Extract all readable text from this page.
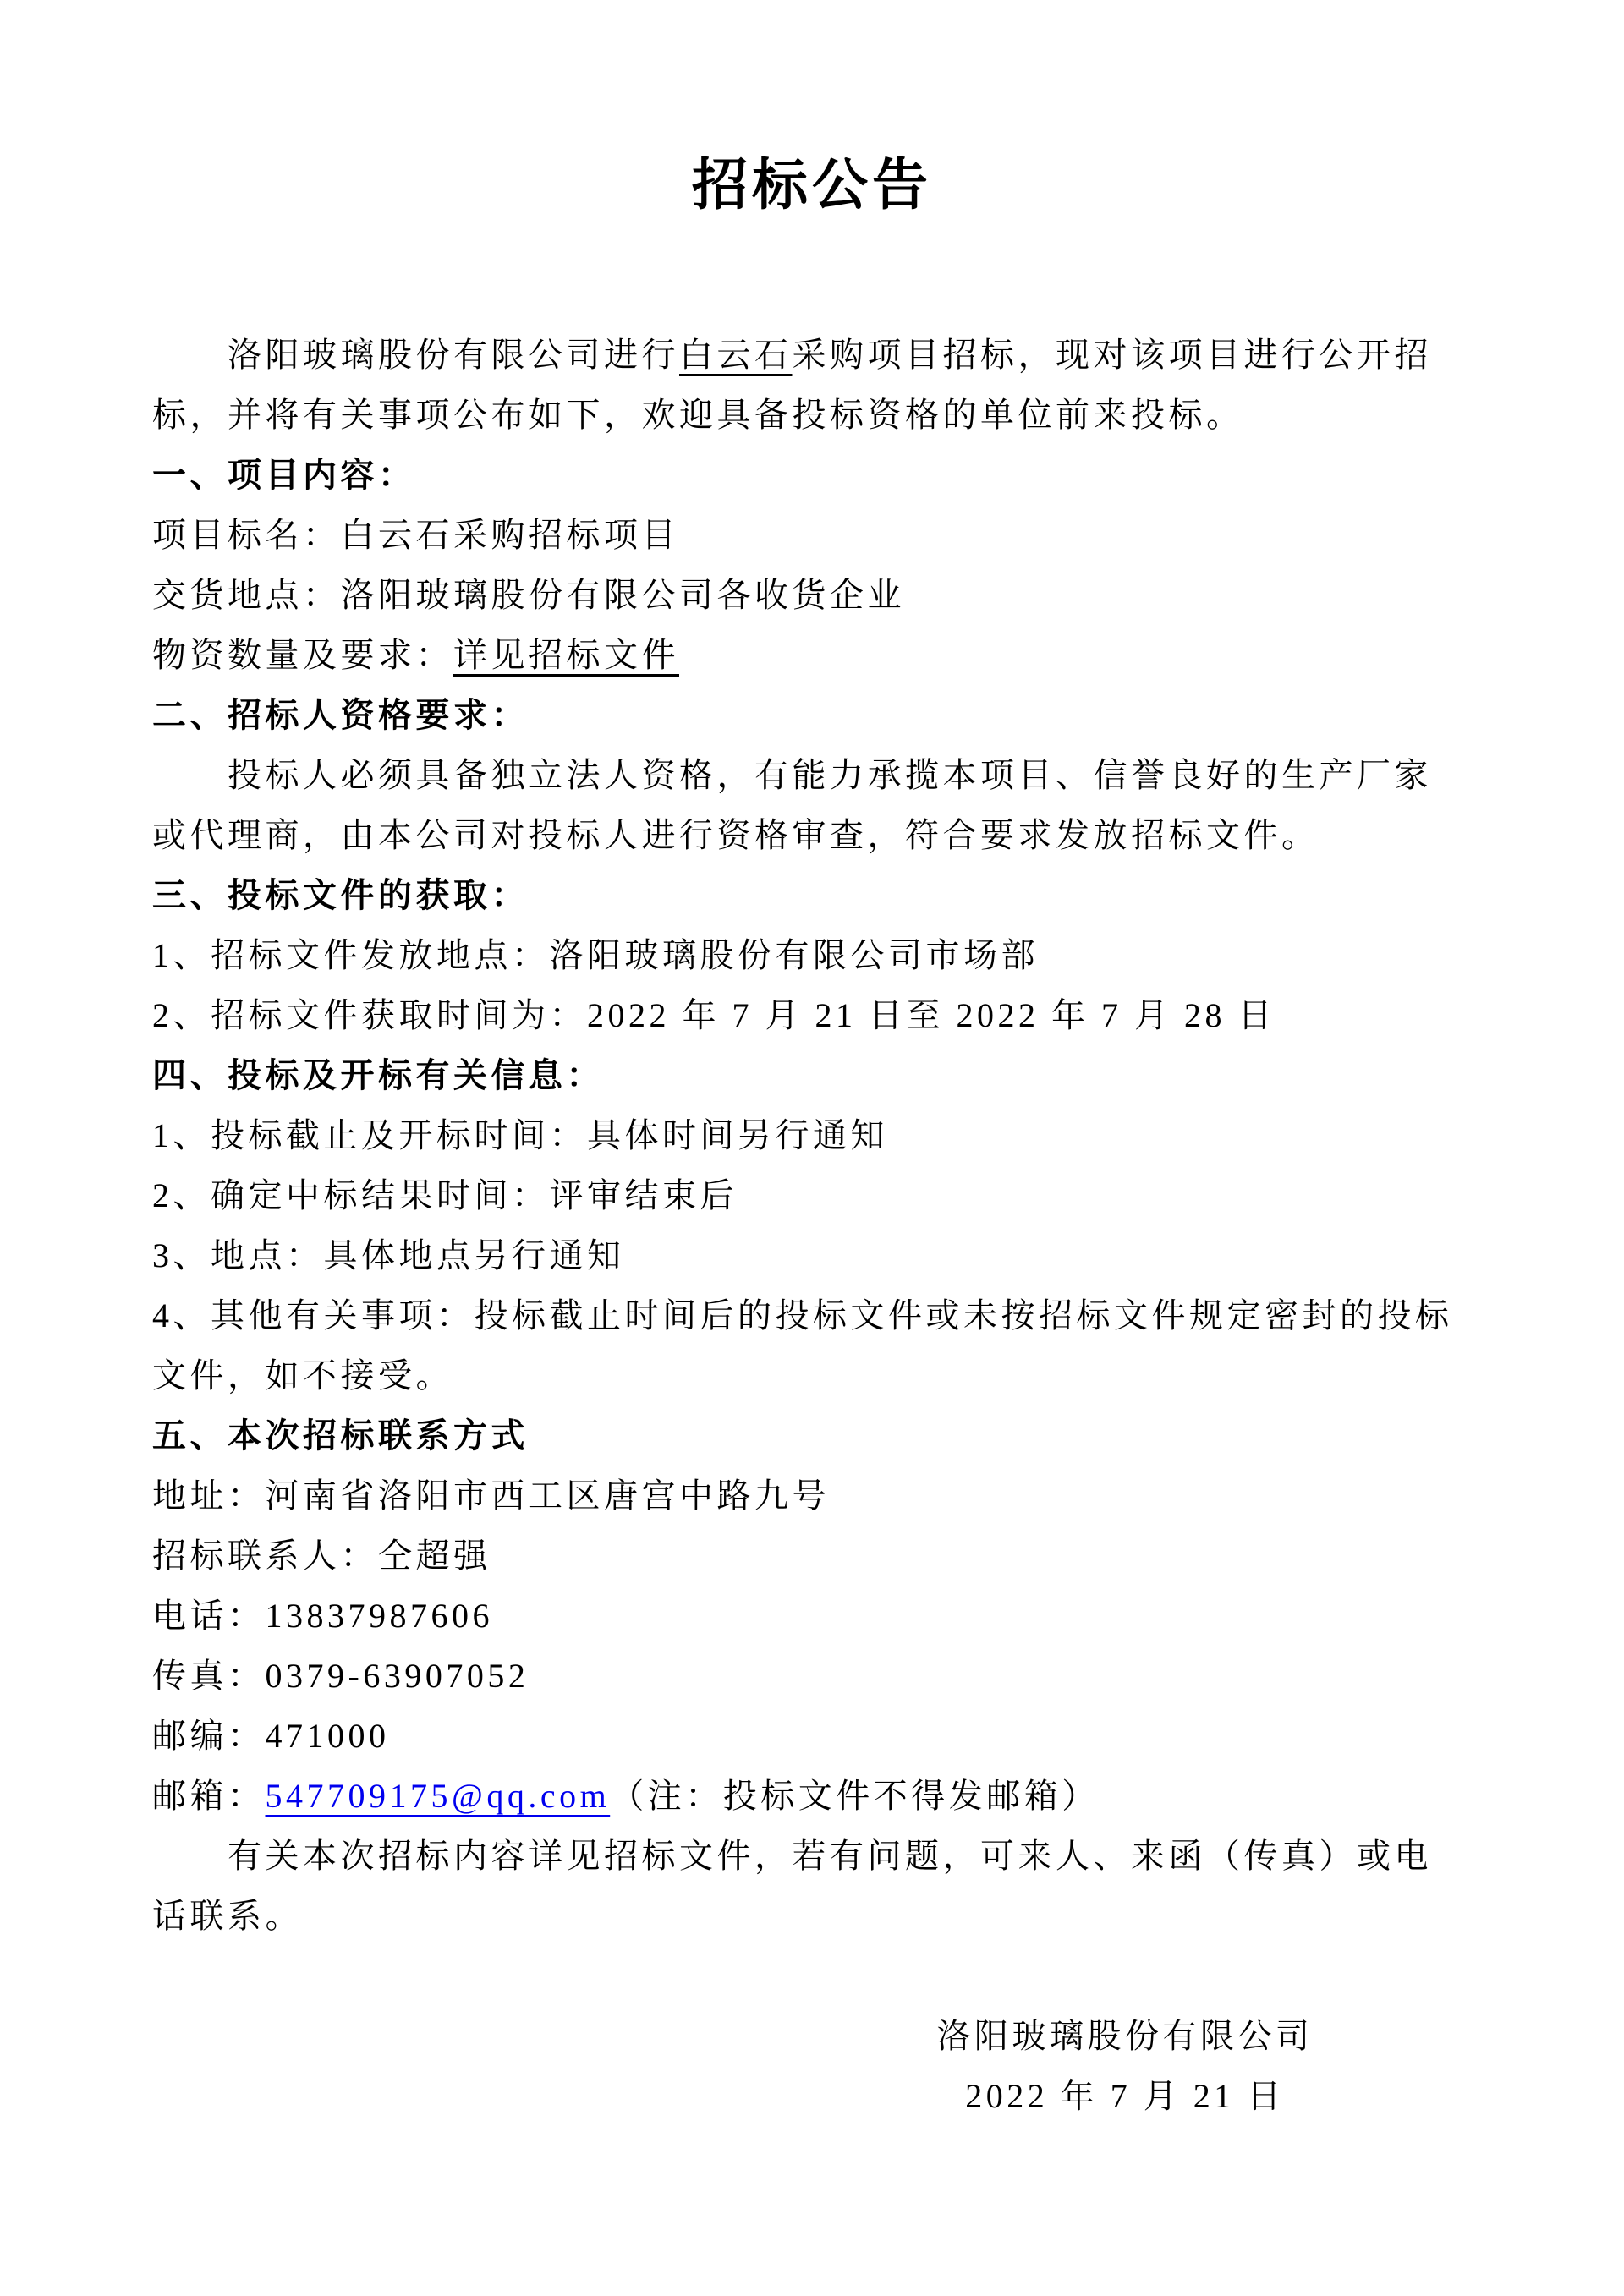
招标公告
洛阳玻璃股份有限公司进行白云石采购项目招标，现对该项目进行公开招
标，并将有关事项公布如下，欢迎具备投标资格的单位前来投标。
一、项目内容：
项目标名：白云石采购招标项目
交货地点：洛阳玻璃股份有限公司各收货企业
物资数量及要求：详见招标文件
二、招标人资格要求：
投标人必须具备独立法人资格，有能力承揽本项目、信誉良好的生产厂家
或代理商，由本公司对投标人进行资格审查，符合要求发放招标文件。
三、投标文件的获取：
1、招标文件发放地点：洛阳玻璃股份有限公司市场部
2、招标文件获取时间为：2022 年 7 月 21 日至 2022 年 7 月 28 日
四、投标及开标有关信息：
1、投标截止及开标时间：具体时间另行通知
2、确定中标结果时间：评审结束后
3、地点：具体地点另行通知
4、其他有关事项：投标截止时间后的投标文件或未按招标文件规定密封的投标
文件，如不接受。
五、本次招标联系方式
地址：河南省洛阳市西工区唐宫中路九号
招标联系人：仝超强
电话：13837987606
传真：0379-63907052
邮编：471000
邮箱：547709175@qq.com（注：投标文件不得发邮箱）
有关本次招标内容详见招标文件，若有问题，可来人、来函（传真）或电
话联系。
洛阳玻璃股份有限公司
2022 年 7 月 21 日
